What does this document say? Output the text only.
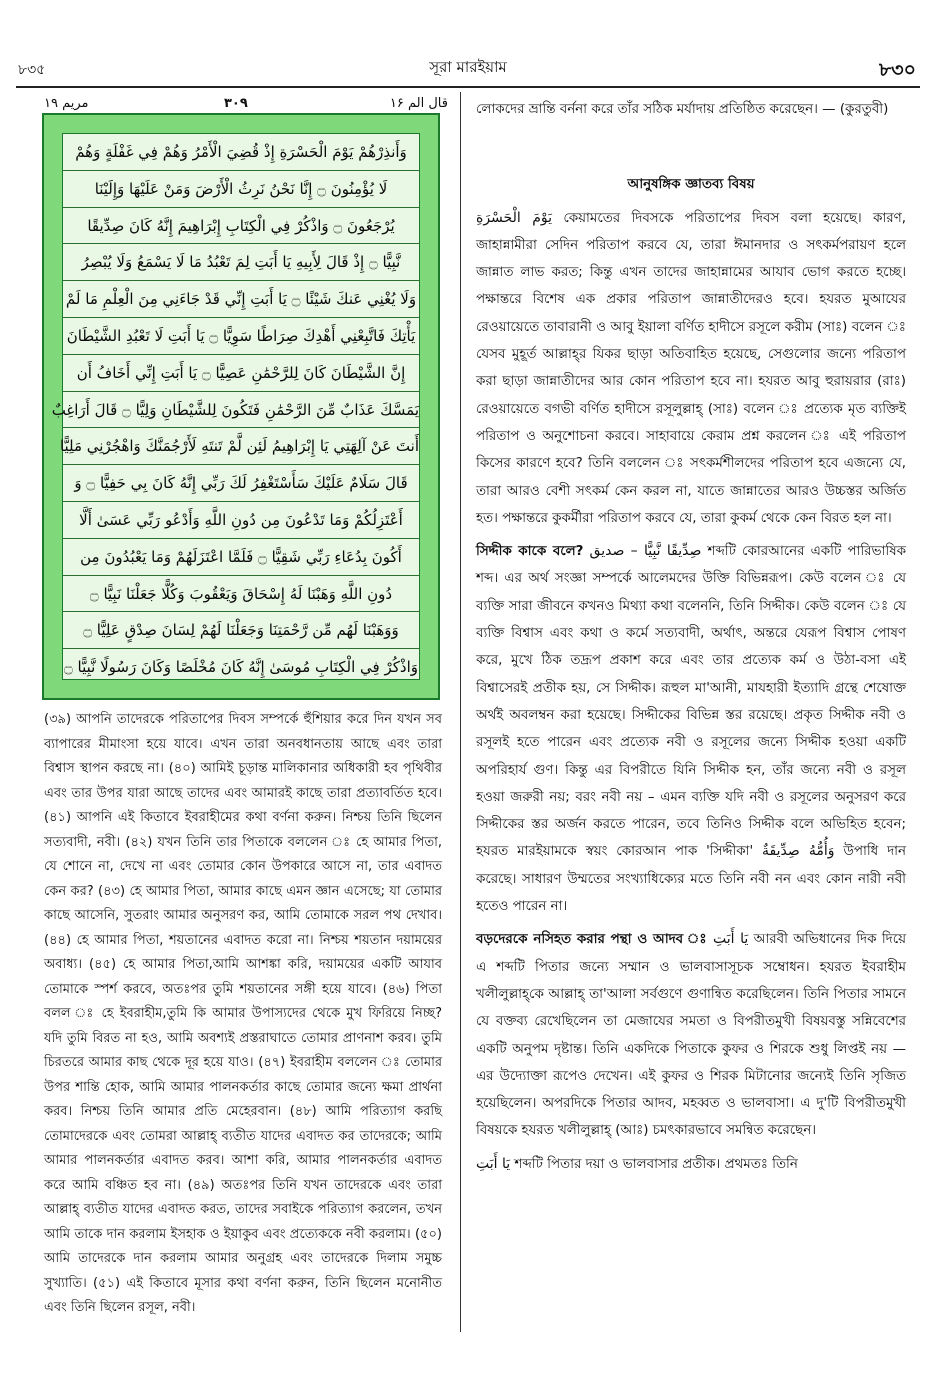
৮৩৫	সূরা মারইয়াম	৮৩০
مريم ۱۹	۳۰۹	قال الم ۱۶
وَأَنذِرْهُمْ يَوْمَ الْحَسْرَةِ إِذْ قُضِيَ الْأَمْرُ وَهُمْ فِي غَفْلَةٍ وَهُمْ
لَا يُؤْمِنُونَ ۝ إِنَّا نَحْنُ نَرِثُ الْأَرْضَ وَمَنْ عَلَيْهَا وَإِلَيْنَا
يُرْجَعُونَ ۝ وَاذْكُرْ فِي الْكِتَابِ إِبْرَاهِيمَ إِنَّهُ كَانَ صِدِّيقًا
نَّبِيًّا ۝ إِذْ قَالَ لِأَبِيهِ يَا أَبَتِ لِمَ تَعْبُدُ مَا لَا يَسْمَعُ وَلَا يُبْصِرُ
وَلَا يُغْنِي عَنكَ شَيْئًا ۝ يَا أَبَتِ إِنِّي قَدْ جَاءَنِي مِنَ الْعِلْمِ مَا لَمْ
يَأْتِكَ فَاتَّبِعْنِي أَهْدِكَ صِرَاطًا سَوِيًّا ۝ يَا أَبَتِ لَا تَعْبُدِ الشَّيْطَانَ
إِنَّ الشَّيْطَانَ كَانَ لِلرَّحْمَٰنِ عَصِيًّا ۝ يَا أَبَتِ إِنِّي أَخَافُ أَن
يَمَسَّكَ عَذَابٌ مِّنَ الرَّحْمَٰنِ فَتَكُونَ لِلشَّيْطَانِ وَلِيًّا ۝ قَالَ أَرَاغِبٌ
أَنتَ عَنْ آلِهَتِي يَا إِبْرَاهِيمُ لَئِن لَّمْ تَنتَهِ لَأَرْجُمَنَّكَ وَاهْجُرْنِي مَلِيًّا
قَالَ سَلَامٌ عَلَيْكَ سَأَسْتَغْفِرُ لَكَ رَبِّي إِنَّهُ كَانَ بِي حَفِيًّا ۝ وَ
أَعْتَزِلُكُمْ وَمَا تَدْعُونَ مِن دُونِ اللَّهِ وَأَدْعُو رَبِّي عَسَىٰ أَلَّا
أَكُونَ بِدُعَاءِ رَبِّي شَقِيًّا ۝ فَلَمَّا اعْتَزَلَهُمْ وَمَا يَعْبُدُونَ مِن
دُونِ اللَّهِ وَهَبْنَا لَهُ إِسْحَاقَ وَيَعْقُوبَ وَكُلًّا جَعَلْنَا نَبِيًّا ۝
وَوَهَبْنَا لَهُم مِّن رَّحْمَتِنَا وَجَعَلْنَا لَهُمْ لِسَانَ صِدْقٍ عَلِيًّا ۝
وَاذْكُرْ فِي الْكِتَابِ مُوسَىٰ إِنَّهُ كَانَ مُخْلَصًا وَكَانَ رَسُولًا نَّبِيًّا ۝
(৩৯) আপনি তাদেরকে পরিতাপের দিবস সম্পর্কে হুঁশিয়ার করে দিন যখন সব ব্যাপারের মীমাংসা হয়ে যাবে। এখন তারা অনবধানতায় আছে এবং তারা বিশ্বাস স্থাপন করছে না। (৪০) আমিই চূড়ান্ত মালিকানার অধিকারী হব পৃথিবীর এবং তার উপর যারা আছে তাদের এবং আমারই কাছে তারা প্রত্যাবর্তিত হবে। (৪১) আপনি এই কিতাবে ইবরাহীমের কথা বর্ণনা করুন। নিশ্চয় তিনি ছিলেন সত্যবাদী, নবী। (৪২) যখন তিনি তার পিতাকে বললেন ঃ হে আমার পিতা, যে শোনে না, দেখে না এবং তোমার কোন উপকারে আসে না, তার এবাদত কেন কর? (৪৩) হে আমার পিতা, আমার কাছে এমন জ্ঞান এসেছে; যা তোমার কাছে আসেনি, সুতরাং আমার অনুসরণ কর, আমি তোমাকে সরল পথ দেখাব। (৪৪) হে আমার পিতা, শয়তানের এবাদত করো না। নিশ্চয় শয়তান দয়াময়ের অবাধ্য। (৪৫) হে আমার পিতা,আমি আশঙ্কা করি, দয়াময়ের একটি আযাব তোমাকে স্পর্শ করবে, অতঃপর তুমি শয়তানের সঙ্গী হয়ে যাবে। (৪৬) পিতা বলল ঃ হে ইবরাহীম,তুমি কি আমার উপাস্যদের থেকে মুখ ফিরিয়ে নিচ্ছ? যদি তুমি বিরত না হও, আমি অবশ্যই প্রস্তরাঘাতে তোমার প্রাণনাশ করব। তুমি চিরতরে আমার কাছ থেকে দূর হয়ে যাও। (৪৭) ইবরাহীম বললেন ঃ তোমার উপর শান্তি হোক, আমি আমার পালনকর্তার কাছে তোমার জন্যে ক্ষমা প্রার্থনা করব। নিশ্চয় তিনি আমার প্রতি মেহেরবান। (৪৮) আমি পরিত্যাগ করছি তোমাদেরকে এবং তোমরা আল্লাহ্ ব্যতীত যাদের এবাদত কর তাদেরকে; আমি আমার পালনকর্তার এবাদত করব। আশা করি, আমার পালনকর্তার এবাদত করে আমি বঞ্চিত হব না। (৪৯) অতঃপর তিনি যখন তাদেরকে এবং তারা আল্লাহ্ ব্যতীত যাদের এবাদত করত, তাদের সবাইকে পরিত্যাগ করলেন, তখন আমি তাকে দান করলাম ইসহাক ও ইয়াকুব এবং প্রত্যেককে নবী করলাম। (৫০) আমি তাদেরকে দান করলাম আমার অনুগ্রহ এবং তাদেরকে দিলাম সমুচ্চ সুখ্যাতি। (৫১) এই কিতাবে মূসার কথা বর্ণনা করুন, তিনি ছিলেন মনোনীত এবং তিনি ছিলেন রসূল, নবী।

লোকদের ভ্রান্তি বর্ননা করে তাঁর সঠিক মর্যাদায় প্রতিষ্ঠিত করেছেন। — (কুরতুবী)

আনুষঙ্গিক জ্ঞাতব্য বিষয়

يَوْمَ الْحَسْرَةِ কেয়ামতের দিবসকে পরিতাপের দিবস বলা হয়েছে। কারণ, জাহান্নামীরা সেদিন পরিতাপ করবে যে, তারা ঈমানদার ও সৎকর্মপরায়ণ হলে জান্নাত লাভ করত; কিন্তু এখন তাদের জাহান্নামের আযাব ভোগ করতে হচ্ছে। পক্ষান্তরে বিশেষ এক প্রকার পরিতাপ জান্নাতীদেরও হবে। হযরত মুআযের রেওয়ায়েতে তাবারানী ও আবু ইয়ালা বর্ণিত হাদীসে রসূলে করীম (সাঃ) বলেন ঃ যেসব মুহূর্ত আল্লাহ্‌র যিকর ছাড়া অতিবাহিত হয়েছে, সেগুলোর জন্যে পরিতাপ করা ছাড়া জান্নাতীদের আর কোন পরিতাপ হবে না। হযরত আবু হুরায়রার (রাঃ) রেওয়ায়েতে বগভী বর্ণিত হাদীসে রসূলুল্লাহ্ (সাঃ) বলেন ঃ প্রত্যেক মৃত ব্যক্তিই পরিতাপ ও অনুশোচনা করবে। সাহাবায়ে কেরাম প্রশ্ন করলেন ঃ এই পরিতাপ কিসের কারণে হবে? তিনি বললেন ঃ সৎকর্মশীলদের পরিতাপ হবে এজন্যে যে, তারা আরও বেশী সৎকর্ম কেন করল না, যাতে জান্নাতের আরও উচ্চস্তর অর্জিত হত। পক্ষান্তরে কুকর্মীরা পরিতাপ করবে যে, তারা কুকর্ম থেকে কেন বিরত হল না।

সিদ্দীক কাকে বলে? صِدِّيقًا نَّبِيًّا – صديق শব্দটি কোরআনের একটি পারিভাষিক শব্দ। এর অর্থ সংজ্ঞা সম্পর্কে আলেমদের উক্তি বিভিন্নরূপ। কেউ বলেন ঃ যে ব্যক্তি সারা জীবনে কখনও মিথ্যা কথা বলেননি, তিনি সিদ্দীক। কেউ বলেন ঃ যে ব্যক্তি বিশ্বাস এবং কথা ও কর্মে সত্যবাদী, অর্থাৎ, অন্তরে যেরূপ বিশ্বাস পোষণ করে, মুখে ঠিক তদ্রূপ প্রকাশ করে এবং তার প্রত্যেক কর্ম ও উঠা-বসা এই বিশ্বাসেরই প্রতীক হয়, সে সিদ্দীক। রূহুল মা'আনী, মাযহারী ইত্যাদি গ্রন্থে শেষোক্ত অর্থই অবলম্বন করা হয়েছে। সিদ্দীকের বিভিন্ন স্তর রয়েছে। প্রকৃত সিদ্দীক নবী ও রসূলই হতে পারেন এবং প্রত্যেক নবী ও রসূলের জন্যে সিদ্দীক হওয়া একটি অপরিহার্য গুণ। কিন্তু এর বিপরীতে যিনি সিদ্দীক হন, তাঁর জন্যে নবী ও রসূল হওয়া জরুরী নয়; বরং নবী নয় – এমন ব্যক্তি যদি নবী ও রসূলের অনুসরণ করে সিদ্দীকের স্তর অর্জন করতে পারেন, তবে তিনিও সিদ্দীক বলে অভিহিত হবেন; হযরত মারইয়ামকে স্বয়ং কোরআন পাক 'সিদ্দীকা' وَأُمُّهُ صِدِّيقَةٌ উপাধি দান করেছে। সাধারণ উম্মতের সংখ্যাধিক্যের মতে তিনি নবী নন এবং কোন নারী নবী হতেও পারেন না।

বড়দেরকে নসিহত করার পন্থা ও আদব ঃ يَا أَبَتِ আরবী অভিধানের দিক দিয়ে এ শব্দটি পিতার জন্যে সম্মান ও ভালবাসাসূচক সম্বোধন। হযরত ইবরাহীম খলীলুল্লাহ্‌কে আল্লাহ্ তা'আলা সর্বগুণে গুণান্বিত করেছিলেন। তিনি পিতার সামনে যে বক্তব্য রেখেছিলেন তা মেজাযের সমতা ও বিপরীতমুখী বিষয়বস্তু সন্নিবেশের একটি অনুপম দৃষ্টান্ত। তিনি একদিকে পিতাকে কুফর ও শিরকে শুধু লিপ্তই নয় — এর উদ্যোক্তা রূপেও দেখেন। এই কুফর ও শিরক মিটানোর জন্যেই তিনি সৃজিত হয়েছিলেন। অপরদিকে পিতার আদব, মহব্বত ও ভালবাসা। এ দু'টি বিপরীতমুখী বিষয়কে হযরত খলীলুল্লাহ্ (আঃ) চমৎকারভাবে সমন্বিত করেছেন।

يَا أَبَتِ শব্দটি পিতার দয়া ও ভালবাসার প্রতীক। প্রথমতঃ তিনি
